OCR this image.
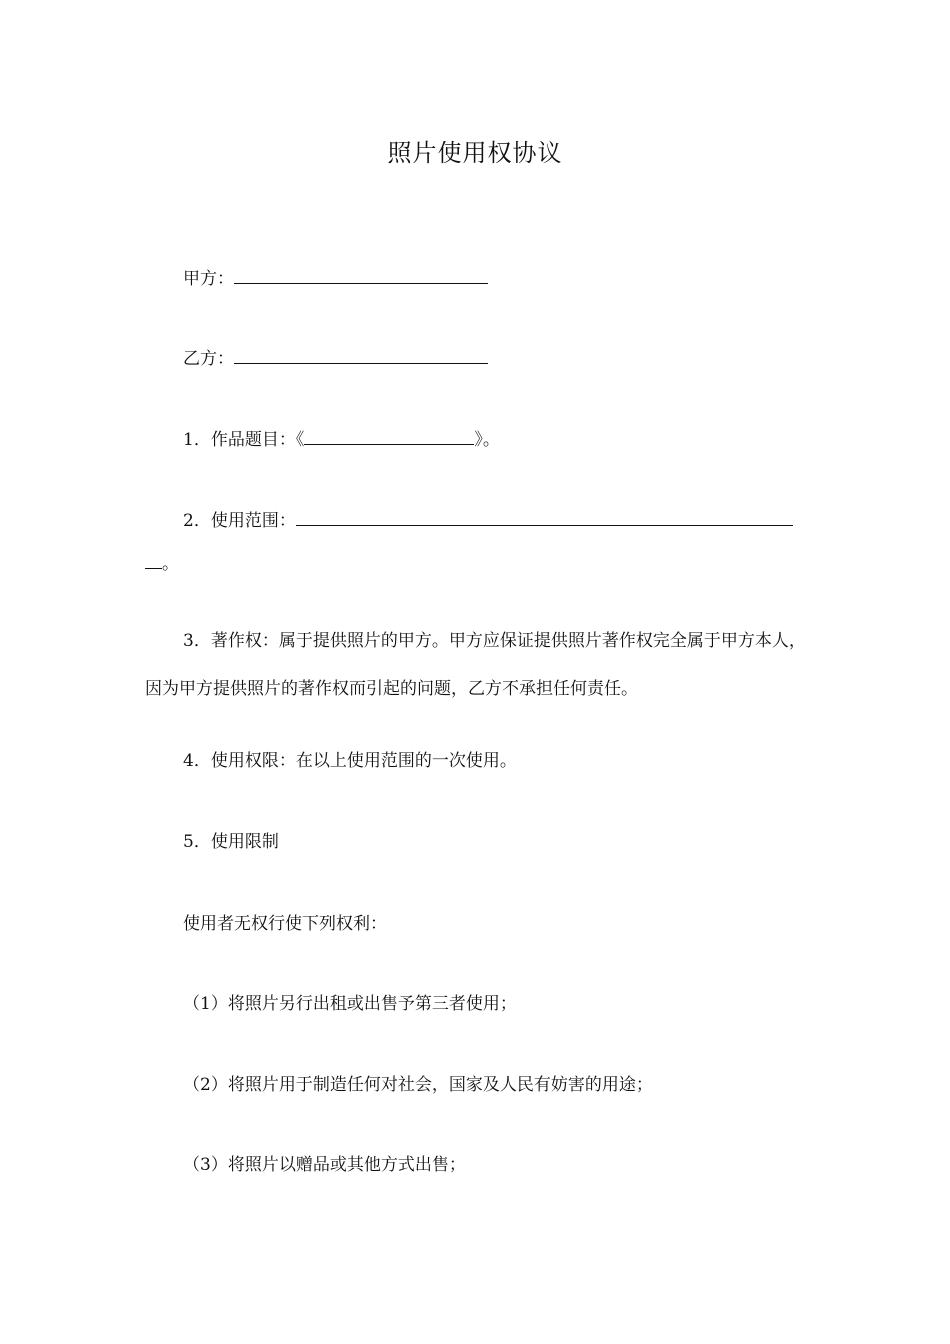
照片使用权协议
甲方：
乙方：
1．作品题目：《	》。
2．使用范围：
。
3．著作权：属于提供照片的甲方。甲方应保证提供照片著作权完全属于甲方本人，因为甲方提供照片的著作权而引起的问题，乙方不承担任何责任。
4．使用权限：在以上使用范围的一次使用。
5．使用限制
使用者无权行使下列权利：
（1）将照片另行出租或出售予第三者使用；
（2）将照片用于制造任何对社会，国家及人民有妨害的用途；
（3）将照片以赠品或其他方式出售；
